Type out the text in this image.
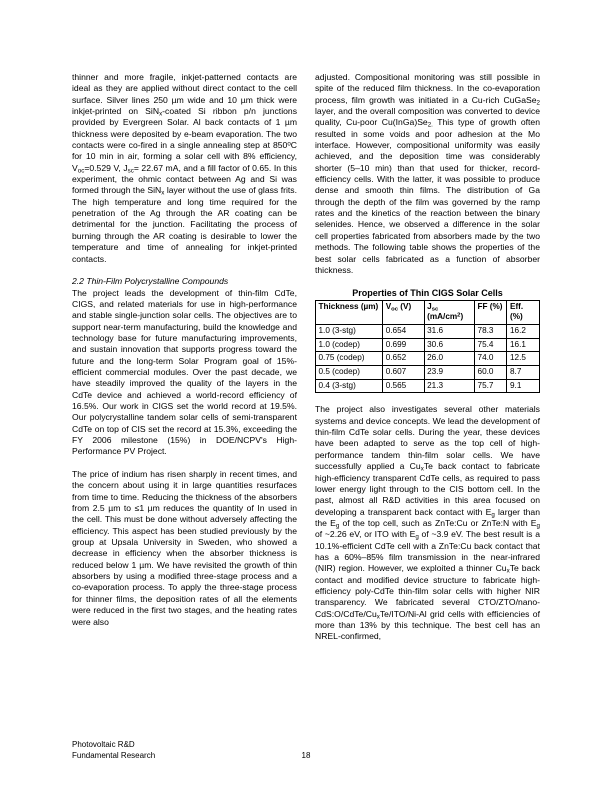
thinner and more fragile, inkjet-patterned contacts are ideal as they are applied without direct contact to the cell surface. Silver lines 250 µm wide and 10 µm thick were inkjet-printed on SiN$_x$-coated Si ribbon p/n junctions provided by Evergreen Solar. Al back contacts of 1 µm thickness were deposited by e-beam evaporation. The two contacts were co-fired in a single annealing step at 850$^o$C for 10 min in air, forming a solar cell with 8% efficiency, $V_{oc}=0.529$ V, $J_{sc}= 22.67$ mA, and a fill factor of 0.65. In this experiment, the ohmic contact between Ag and Si was formed through the SiN$_x$ layer without the use of glass frits. The high temperature and long time required for the penetration of the Ag through the AR coating can be detrimental for the junction. Facilitating the process of burning through the AR coating is desirable to lower the temperature and time of annealing for inkjet-printed contacts.

2.2 Thin-Film Polycrystalline Compounds

The project leads the development of thin-film CdTe, CIGS, and related materials for use in high-performance and stable single-junction solar cells. The objectives are to support near-term manufacturing, build the knowledge and technology base for future manufacturing improvements, and sustain innovation that supports progress toward the future and the long-term Solar Program goal of 15%-efficient commercial modules. Over the past decade, we have steadily improved the quality of the layers in the CdTe device and achieved a world-record efficiency of 16.5%. Our work in CIGS set the world record at 19.5%. Our polycrystalline tandem solar cells of semi-transparent CdTe on top of CIS set the record at 15.3%, exceeding the FY 2006 milestone (15%) in DOE/NCPV's High-Performance PV Project.

The price of indium has risen sharply in recent times, and the concern about using it in large quantities resurfaces from time to time. Reducing the thickness of the absorbers from 2.5 µm to ≤1 µm reduces the quantity of In used in the cell. This must be done without adversely affecting the efficiency. This aspect has been studied previously by the group at Upsala University in Sweden, who showed a decrease in efficiency when the absorber thickness is reduced below 1 µm. We have revisited the growth of thin absorbers by using a modified three-stage process and a co-evaporation process. To apply the three-stage process for thinner films, the deposition rates of all the elements were reduced in the first two stages, and the heating rates were also

adjusted. Compositional monitoring was still possible in spite of the reduced film thickness. In the co-evaporation process, film growth was initiated in a Cu-rich CuGaSe$_2$ layer, and the overall composition was converted to device quality, Cu-poor $Cu(InGa)Se_{2.}$ This type of growth often resulted in some voids and poor adhesion at the Mo interface. However, compositional uniformity was easily achieved, and the deposition time was considerably shorter (5–10 min) than that used for thicker, record-efficiency cells. With the latter, it was possible to produce dense and smooth thin films. The distribution of Ga through the depth of the film was governed by the ramp rates and the kinetics of the reaction between the binary selenides. Hence, we observed a difference in the solar cell properties fabricated from absorbers made by the two methods. The following table shows the properties of the best solar cells fabricated as a function of absorber thickness.

Properties of Thin CIGS Solar Cells
Thickness (µm)	$V_{oc}$ (V)	$J_{sc}$ $(mA/cm^2)$	FF (%)	Eff. (%)
1.0 (3-stg)	0.654	31.6	78.3	16.2
1.0 (codep)	0.699	30.6	75.4	16.1
0.75 (codep)	0.652	26.0	74.0	12.5
0.5 (codep)	0.607	23.9	60.0	8.7
0.4 (3-stg)	0.565	21.3	75.7	9.1

The project also investigates several other materials systems and device concepts. We lead the development of thin-film CdTe solar cells. During the year, these devices have been adapted to serve as the top cell of high-performance tandem thin-film solar cells. We have successfully applied a $Cu_xTe$ back contact to fabricate high-efficiency transparent CdTe cells, as required to pass lower energy light through to the CIS bottom cell. In the past, almost all R&D activities in this area focused on developing a transparent back contact with $E_g$ larger than the $E_g$ of the top cell, such as ZnTe:Cu or ZnTe:N with $E_g$ of ~2.26 eV, or ITO with $E_g$ of ~3.9 eV. The best result is a 10.1%-efficient CdTe cell with a ZnTe:Cu back contact that has a 60%–85% film transmission in the near-infrared (NIR) region. However, we exploited a thinner $Cu_xTe$ back contact and modified device structure to fabricate high-efficiency poly-CdTe thin-film solar cells with higher NIR transparency. We fabricated several CTO/$ZTO/nano-CdS:O/CdTe/Cu_xTe/ITO/Ni-Al$ grid cells with efficiencies of more than 13% by this technique. The best cell has an NREL-confirmed,

Photovoltaic R&D
Fundamental Research	18
